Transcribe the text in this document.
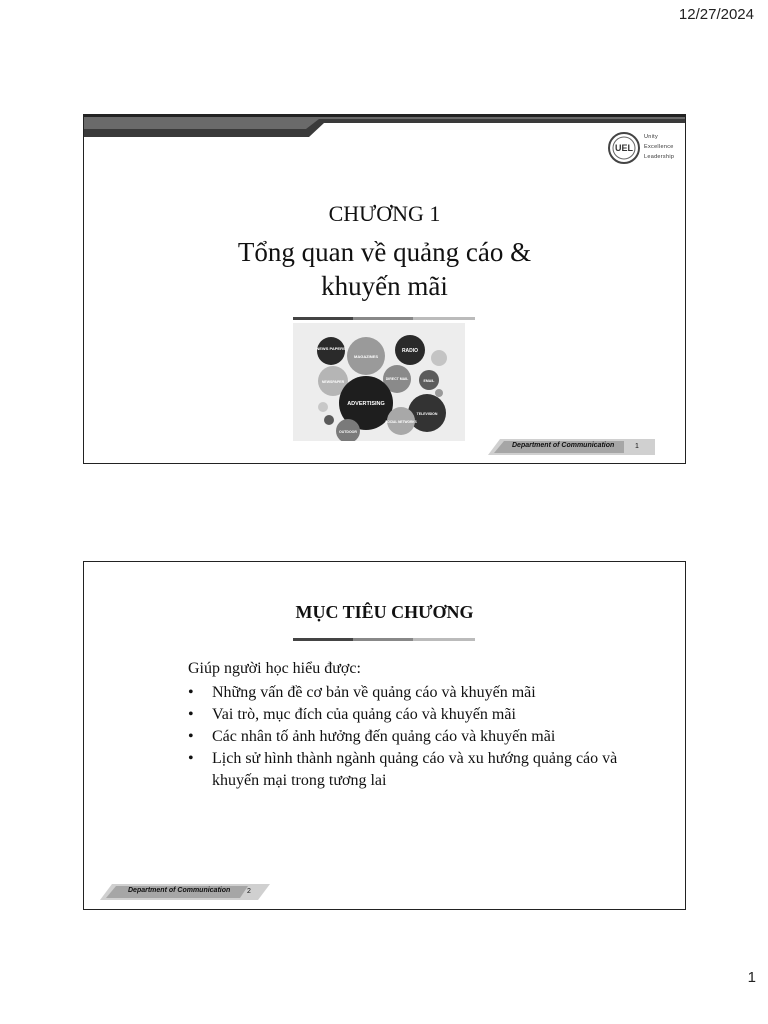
12/27/2024
UEL
Unity
Excellence
Leadership
CHƯƠNG 1
Tổng quan về quảng cáo &
khuyến mãi
NEWS PAPERS
MAGAZINES
RADIO
NEWSPAPER
DIRECT MAIL	EMAIL
ADVERTISING
TELEVISION
SOCIAL NETWORKS
OUTDOOR
Department of Communication	1
MỤC TIÊU CHƯƠNG
Giúp người học hiểu được:
• Những vấn đề cơ bản về quảng cáo và khuyến mãi
• Vai trò, mục đích của quảng cáo và khuyến mãi
• Các nhân tố ảnh hưởng đến quảng cáo và khuyến mãi
• Lịch sử hình thành ngành quảng cáo và xu hướng quảng cáo và khuyến mại trong tương lai
Department of Communication 2
1
